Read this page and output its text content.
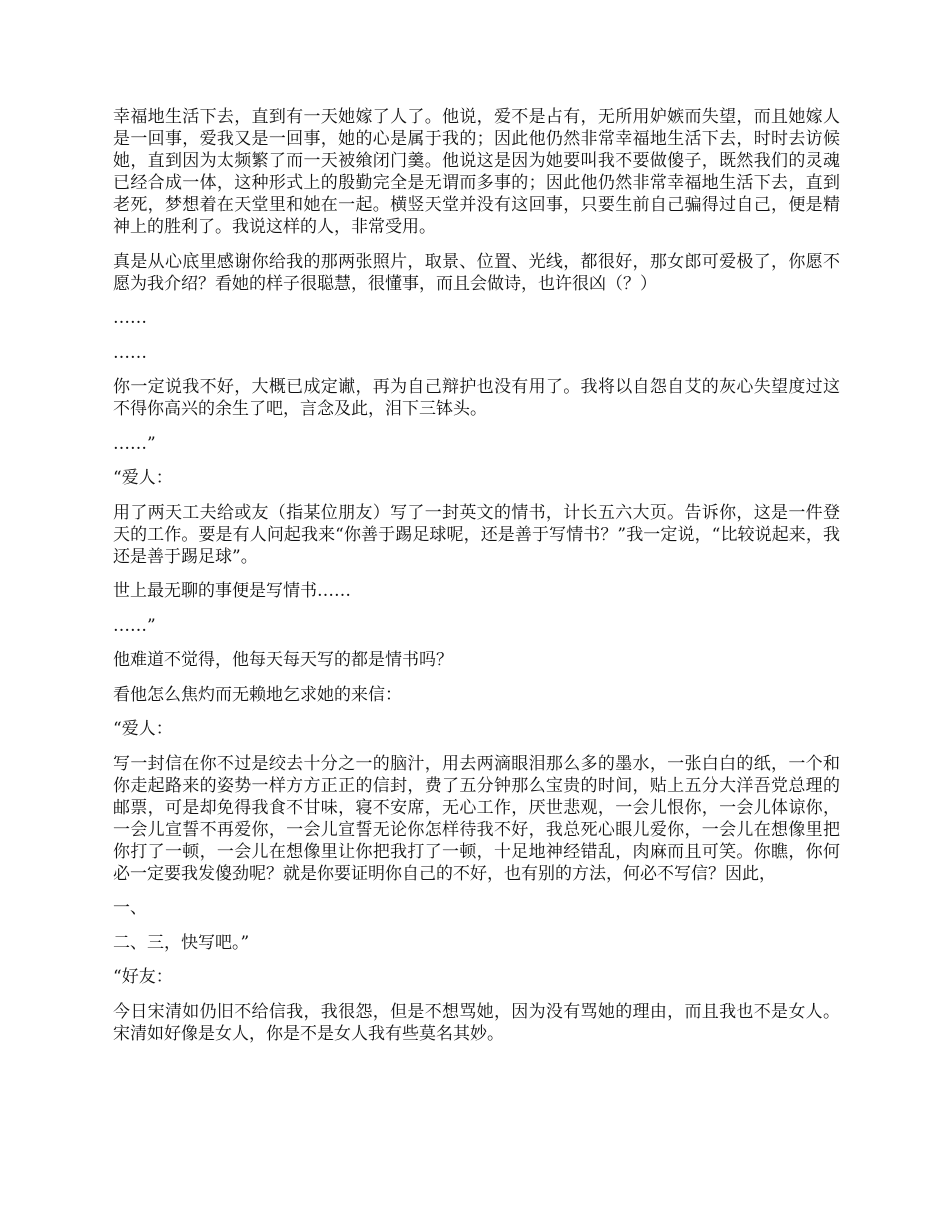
幸福地生活下去，直到有一天她嫁了人了。他说，爱不是占有，无所用妒嫉而失望，而且她嫁人是一回事，爱我又是一回事，她的心是属于我的；因此他仍然非常幸福地生活下去，时时去访候她，直到因为太频繁了而一天被飨闭门羹。他说这是因为她要叫我不要做傻子，既然我们的灵魂已经合成一体，这种形式上的殷勤完全是无谓而多事的；因此他仍然非常幸福地生活下去，直到老死，梦想着在天堂里和她在一起。横竖天堂并没有这回事，只要生前自己骗得过自己，便是精神上的胜利了。我说这样的人，非常受用。

真是从心底里感谢你给我的那两张照片，取景、位置、光线，都很好，那女郎可爱极了，你愿不愿为我介绍？看她的样子很聪慧，很懂事，而且会做诗，也许很凶（？）

……

……

你一定说我不好，大概已成定谳，再为自己辩护也没有用了。我将以自怨自艾的灰心失望度过这不得你高兴的余生了吧，言念及此，泪下三钵头。

……”

“爱人：

用了两天工夫给或友（指某位朋友）写了一封英文的情书，计长五六大页。告诉你，这是一件登天的工作。要是有人问起我来“你善于踢足球呢，还是善于写情书？”我一定说，“比较说起来，我还是善于踢足球”。

世上最无聊的事便是写情书……

……”

他难道不觉得，他每天每天写的都是情书吗？

看他怎么焦灼而无赖地乞求她的来信：

“爱人：

写一封信在你不过是绞去十分之一的脑汁，用去两滴眼泪那么多的墨水，一张白白的纸，一个和你走起路来的姿势一样方方正正的信封，费了五分钟那么宝贵的时间，贴上五分大洋吾党总理的邮票，可是却免得我食不甘味，寝不安席，无心工作，厌世悲观，一会儿恨你，一会儿体谅你，一会儿宣誓不再爱你，一会儿宣誓无论你怎样待我不好，我总死心眼儿爱你，一会儿在想像里把你打了一顿，一会儿在想像里让你把我打了一顿，十足地神经错乱，肉麻而且可笑。你瞧，你何必一定要我发傻劲呢？就是你要证明你自己的不好，也有别的方法，何必不写信？因此，

一、

二、三，快写吧。”

“好友：

今日宋清如仍旧不给信我，我很怨，但是不想骂她，因为没有骂她的理由，而且我也不是女人。宋清如好像是女人，你是不是女人我有些莫名其妙。
